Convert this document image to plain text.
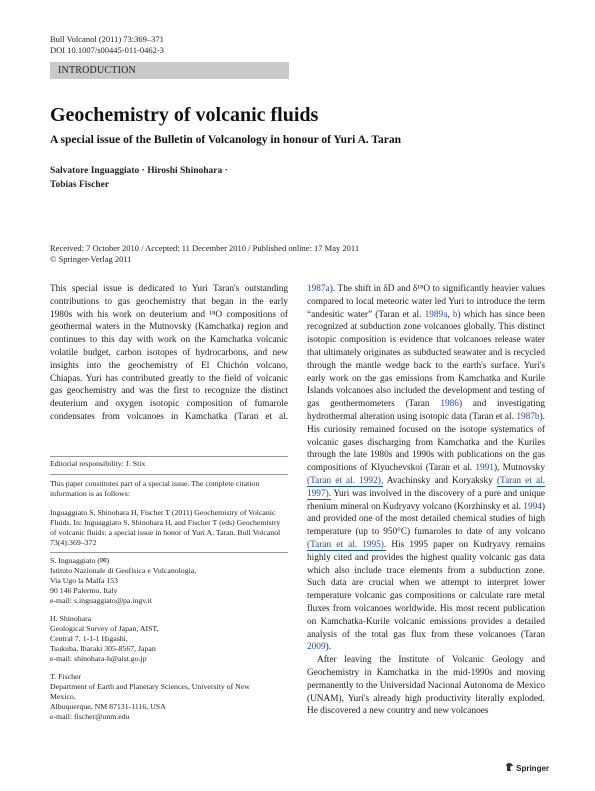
Bull Volcanol (2011) 73:369–371
DOI 10.1007/s00445-011-0462-3
INTRODUCTION
Geochemistry of volcanic fluids
A special issue of the Bulletin of Volcanology in honour of Yuri A. Taran
Salvatore Inguaggiato · Hiroshi Shinohara ·
Tobias Fischer
Received: 7 October 2010 / Accepted: 11 December 2010 / Published online: 17 May 2011
© Springer-Verlag 2011
This special issue is dedicated to Yuri Taran's outstanding
contributions to gas geochemistry that began in the early
1980s with his work on deuterium and ¹⁸O compositions of
geothermal waters in the Mutnovsky (Kamchatka) region and
continues to this day with work on the Kamchatka volcanic
volatile budget, carbon isotopes of hydrocarbons, and new
insights into the geochemistry of El Chichón volcano,
Chiapas. Yuri has contributed greatly to the field of volcanic
gas geochemistry and was the first to recognize the distinct
deuterium and oxygen isotopic composition of fumarole
condensates from volcanoes in Kamchatka (Taran et al.
Editorial responsibility: J. Stix
This paper constitutes part of a special issue. The complete citation information is as follows:
Inguaggiato S, Shinohara H, Fischer T (2011) Geochemistry of Volcanic Fluids. In: Inguaggiato S, Shinohara H, and Fischer T (eds) Geochemistry of volcanic fluids: a special issue in honor of Yuri A. Taran. Bull Volcanol 73(4):369–372
S. Inguaggiato (✉)
Istituto Nazionale di Geofisica e Vulcanologia,
Via Ugo la Malfa 153
90 146 Palermo, Italy
e-mail: s.inguaggiato@pa.ingv.it
H. Shinohara
Geological Survey of Japan, AIST,
Central 7, 1-1-1 Higashi,
Tsukuba, Ibaraki 305-8567, Japan
e-mail: shinohara-h@aist.go.jp
T. Fischer
Department of Earth and Planetary Sciences, University of New
Mexico,
Albuquerque, NM 87131-1116, USA
e-mail: fischer@unm.edu

1987a). The shift in δD and δ¹⁸O to significantly heavier values compared to local meteoric water led Yuri to introduce the term “andesitic water” (Taran et al. 1989a, b) which has since been recognized at subduction zone volcanoes globally. This distinct isotopic composition is evidence that volcanoes release water that ultimately originates as subducted seawater and is recycled through the mantle wedge back to the earth's surface. Yuri's early work on the gas emissions from Kamchatka and Kurile Islands volcanoes also included the development and testing of gas geothermometers (Taran 1986) and investigating hydrothermal alteration using isotopic data (Taran et al. 1987b). His curiosity remained focused on the isotope systematics of volcanic gases discharging from Kamchatka and the Kuriles through the late 1980s and 1990s with publications on the gas compositions of Klyuchevskoi (Taran et al. 1991), Mutnovsky (Taran et al. 1992), Avachinsky and Koryaksky (Taran et al. 1997). Yuri was involved in the discovery of a pure and unique rhenium mineral on Kudryavy volcano (Korzhinsky et al. 1994) and provided one of the most detailed chemical studies of high temperature (up to 950°C) fumaroles to date of any volcano (Taran et al. 1995). His 1995 paper on Kudryavy remains highly cited and provides the highest quality volcanic gas data which also include trace elements from a subduction zone. Such data are crucial when we attempt to interpret lower temperature volcanic gas compositions or calculate rare metal fluxes from volcanoes worldwide. His most recent publication on Kamchatka-Kurile volcanic emissions provides a detailed analysis of the total gas flux from these volcanoes (Taran 2009).

After leaving the Institute of Volcanic Geology and Geochemistry in Kamchatka in the mid-1990s and moving permanently to the Universidad Nacional Autonoma de Mexico (UNAM), Yuri's already high productivity literally exploded. He discovered a new country and new volcanoes

Springer
